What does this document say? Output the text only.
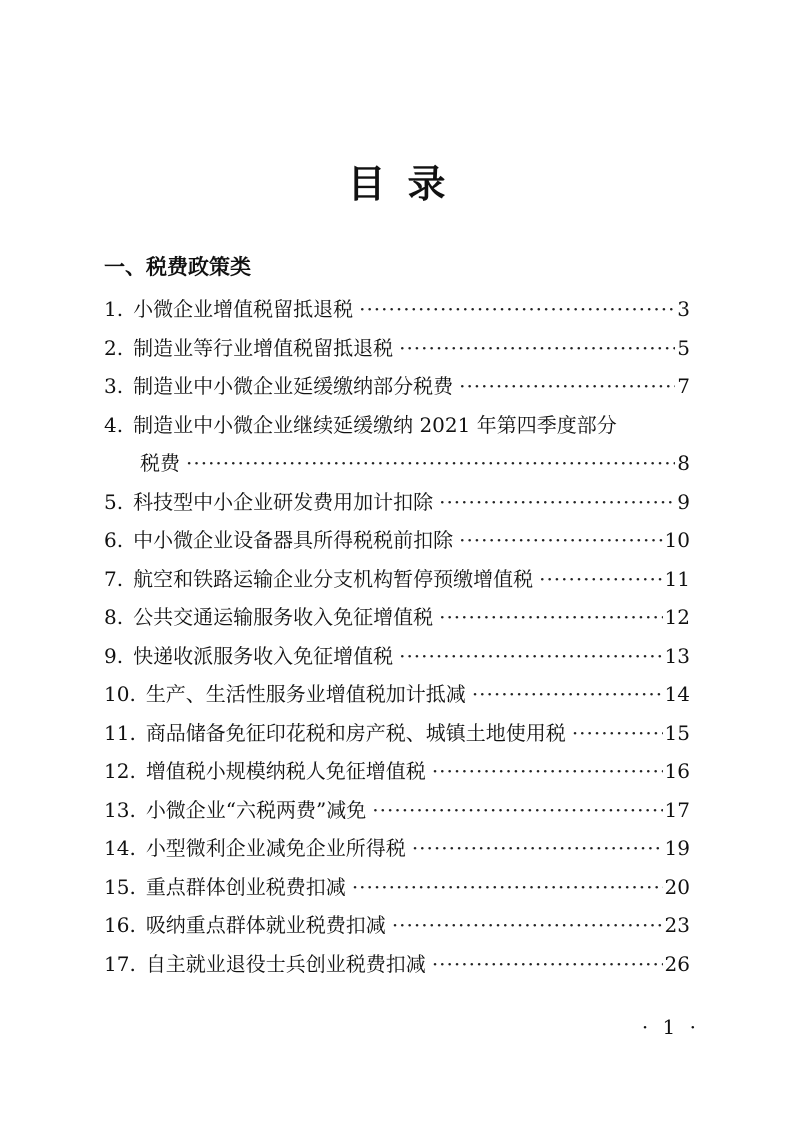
目录
一、税费政策类
1. 小微企业增值税留抵退税 ·····	3
2. 制造业等行业增值税留抵退税 ·····	5
3. 制造业中小微企业延缓缴纳部分税费 ·····	7
4. 制造业中小微企业继续延缓缴纳 2021 年第四季度部分
税费 ·····	8
5. 科技型中小企业研发费用加计扣除 ·····	9
6. 中小微企业设备器具所得税税前扣除 ·····	10
7. 航空和铁路运输企业分支机构暂停预缴增值税 ·····	11
8. 公共交通运输服务收入免征增值税 ·····	12
9. 快递收派服务收入免征增值税 ·····	13
10. 生产、生活性服务业增值税加计抵减 ·····	14
11. 商品储备免征印花税和房产税、城镇土地使用税 ·····	15
12. 增值税小规模纳税人免征增值税 ·····	16
13. 小微企业“六税两费”减免 ·····	17
14. 小型微利企业减免企业所得税 ·····	19
15. 重点群体创业税费扣减 ·····	20
16. 吸纳重点群体就业税费扣减 ·····	23
17. 自主就业退役士兵创业税费扣减 ·····	26
· 1 ·
